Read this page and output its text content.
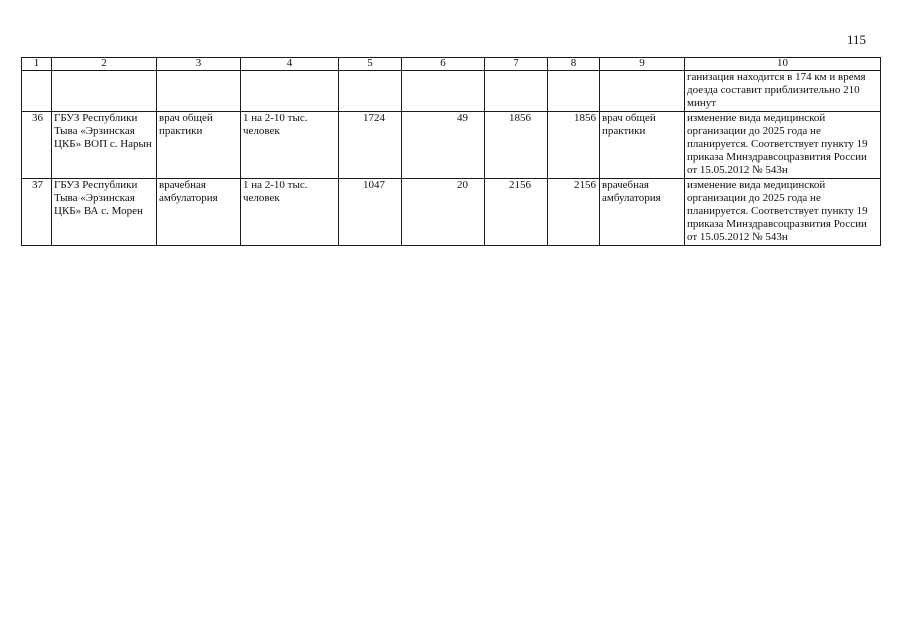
115
1	2	3	4	5	6	7	8	9	10
									ганизация находится в 174 км и время доезда составит приблизительно 210 минут
36	ГБУЗ Республики Тыва «Эрзинская ЦКБ» ВОП с. Нарын	врач общей практики	1 на 2-10 тыс. человек	1724	49	1856	1856	врач общей практики	изменение вида медицинской организации до 2025 года не планируется. Соответствует пункту 19 приказа Минздравсоцразвития России от 15.05.2012 № 543н
37	ГБУЗ Республики Тыва «Эрзинская ЦКБ» ВА с. Морен	врачебная амбулатория	1 на 2-10 тыс. человек	1047	20	2156	2156	врачебная амбулатория	изменение вида медицинской организации до 2025 года не планируется. Соответствует пункту 19 приказа Минздравсоцразвития России от 15.05.2012 № 543н
